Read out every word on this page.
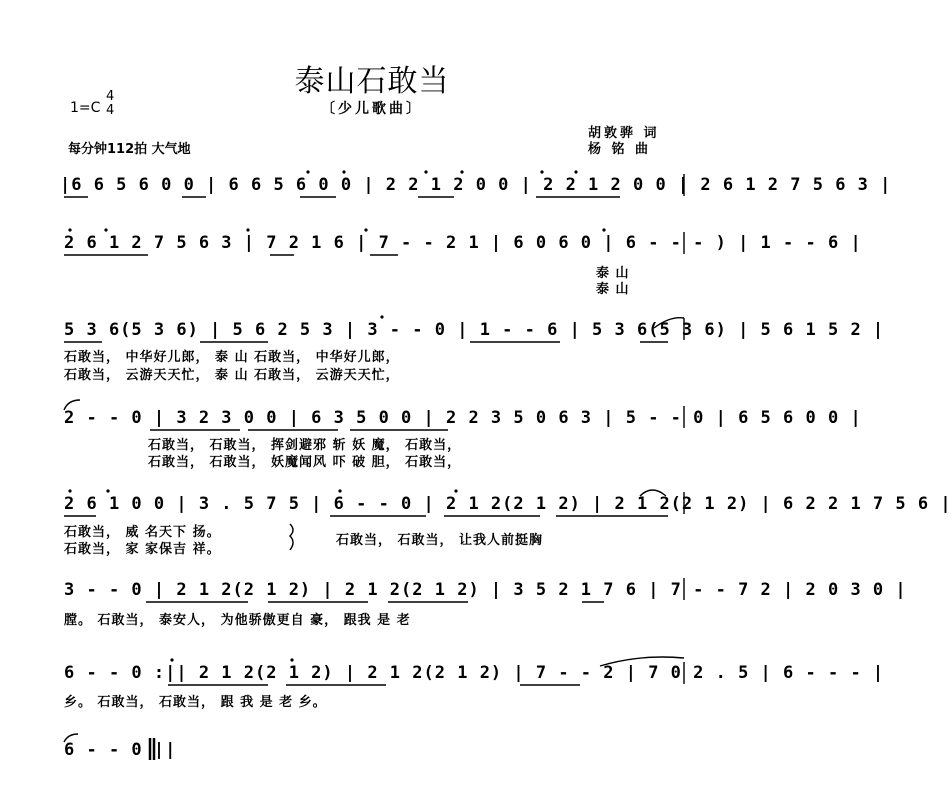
泰山石敢当
〔少儿歌曲〕
1=C
4
4
每分钟112拍 大气地
胡敦骅 词
杨 铭 曲
|6 6 5 6 0 0 | 6 6 5 6 0 0 | 2 2 1 2 0 0 | 2 2 1 2 0 0 | 2 6 1 2 7 5 6 3 |
2 6 1 2 7 5 6 3 | 7 2 1 6 | 7 - - 2 1 | 6 0 6 0 | 6 - - - ) | 1 - - 6 |
泰 山
泰 山
5 3 6(5 3 6) | 5 6 2 5 3 | 3 - - 0 | 1 - - 6 | 5 3 6(5 3 6) | 5 6 1 5 2 |
石敢当， 中华好儿郎， 泰 山 石敢当， 中华好儿郎，
石敢当， 云游天天忙， 泰 山 石敢当， 云游天天忙，
2 - - 0 | 3 2 3 0 0 | 6 3 5 0 0 | 2 2 3 5 0 6 3 | 5 - - 0 | 6 5 6 0 0 |
石敢当， 石敢当， 挥剑避邪 斩 妖 魔， 石敢当，
石敢当， 石敢当， 妖魔闻风 吓 破 胆， 石敢当，
2 6 1 0 0 | 3 . 5 7 5 | 6 - - 0 | 2 1 2(2 1 2) | 2 1 2(2 1 2) | 6 2 2 1 7 5 6 |
石敢当， 威 名天下 扬。
石敢当， 家 家保吉 祥。
石敢当， 石敢当， 让我人前挺胸
3 - - 0 | 2 1 2(2 1 2) | 2 1 2(2 1 2) | 3 5 2 1 7 6 | 7 - - 7 2 | 2 0 3 0 |
膛。 石敢当， 泰安人， 为他骄傲更自 豪， 跟我 是 老
6 - - 0 :|| 2 1 2(2 1 2) | 2 1 2(2 1 2) | 7 - - 2 | 7 0 2 . 5 | 6 - - - |
乡。 石敢当， 石敢当， 跟 我 是 老 乡。
6 - - 0 ||
